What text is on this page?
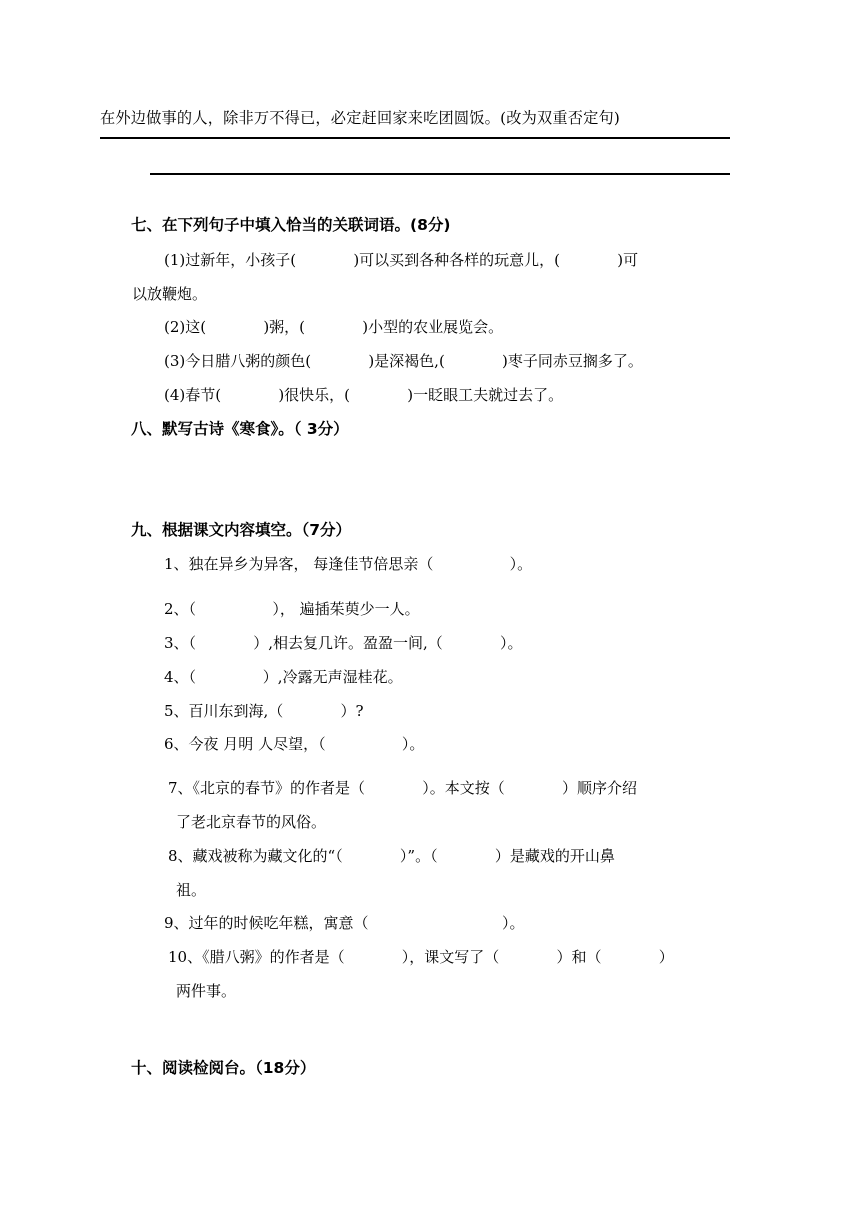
在外边做事的人，除非万不得已，必定赶回家来吃团圆饭。(改为双重否定句)
七、在下列句子中填入恰当的关联词语。(8分)
(1)过新年，小孩子(            )可以买到各种各样的玩意儿，(            )可
以放鞭炮。
(2)这(            )粥，(            )小型的农业展览会。
(3)今日腊八粥的颜色(            )是深褐色,(            )枣子同赤豆搁多了。
(4)春节(            )很快乐，(            )一眨眼工夫就过去了。
八、默写古诗《寒食》。（ 3分）
九、根据课文内容填空。（7分）
1、独在异乡为异客， 每逢佳节倍思亲（                ）。
2、（                ）， 遍插茱萸少一人。
3、（            ）,相去复几许。盈盈一间,（            ）。
4、（              ）,冷露无声湿桂花。
5、百川东到海,（            ）?
6、今夜 月明 人尽望，（                ）。
7、《北京的春节》的作者是（            ）。本文按（            ）顺序介绍
了老北京春节的风俗。
8、藏戏被称为藏文化的“（            ）”。（            ）是藏戏的开山鼻
祖。
9、过年的时候吃年糕，寓意（                            ）。
10、《腊八粥》的作者是（            ），课文写了（            ）和（            ）
两件事。
十、阅读检阅台。（18分）
